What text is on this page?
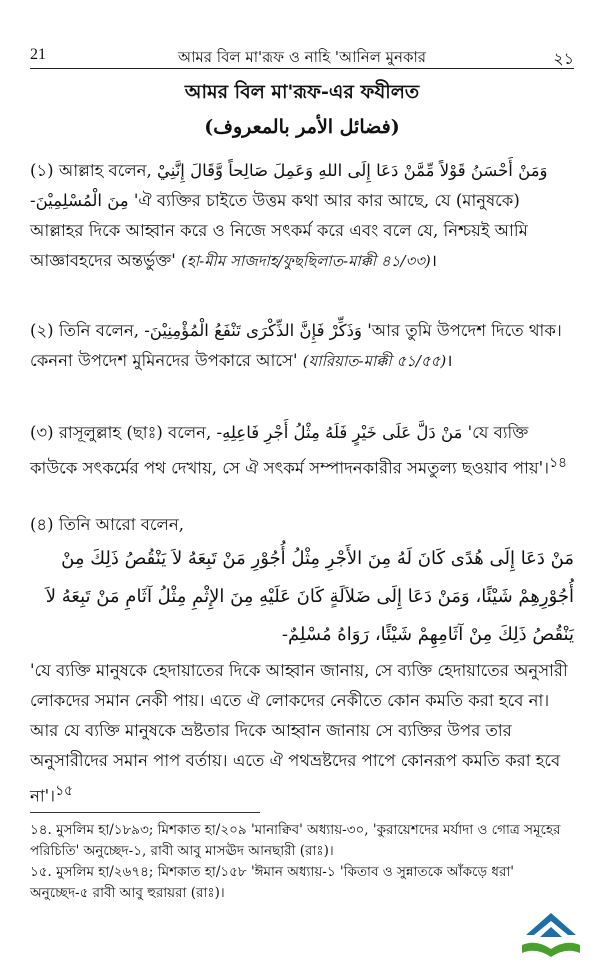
21	আমর বিল মা'রূফ ও নাহি 'আনিল মুনকার	২১
আমর বিল মা'রূফ-এর ফযীলত
(فضائل الأمر بالمعروف)
(১) আল্লাহ বলেন, وَمَنْ أَحْسَنُ قَوْلاً مِّمَّنْ دَعَا إِلَى اللهِ وَعَمِلَ صَالِحاً وَّقَالَ إِنَّنِيْ مِنَ الْمُسْلِمِيْنَ- 'ঐ ব্যক্তির চাইতে উত্তম কথা আর কার আছে, যে (মানুষকে) আল্লাহর দিকে আহ্বান করে ও নিজে সৎকর্ম করে এবং বলে যে, নিশ্চয়ই আমি আজ্ঞাবহদের অন্তর্ভুক্ত' (হা-মীম সাজদাহ/ফুছছিলাত-মাক্কী ৪১/৩৩)।
(২) তিনি বলেন, وَذَكِّرْ فَإِنَّ الذِّكْرَى تَنْفَعُ الْمُؤْمِنِيْنَ- 'আর তুমি উপদেশ দিতে থাক। কেননা উপদেশ মুমিনদের উপকারে আসে' (যারিয়াত-মাক্কী ৫১/৫৫)।
(৩) রাসূলুল্লাহ (ছাঃ) বলেন, مَنْ دَلَّ عَلَى خَيْرٍ فَلَهُ مِثْلُ أَجْرِ فَاعِلِهِ- 'যে ব্যক্তি কাউকে সৎকর্মের পথ দেখায়, সে ঐ সৎকর্ম সম্পাদনকারীর সমতুল্য ছওয়াব পায়'।$^{১৪}$
(৪) তিনি আরো বলেন,
مَنْ دَعَا إِلَى هُدًى كَانَ لَهُ مِنَ الأَجْرِ مِثْلُ أُجُوْرِ مَنْ تَبِعَهُ لاَ يَنْقُصُ ذَلِكَ مِنْ
أُجُوْرِهِمْ شَيْئًا، وَمَنْ دَعَا إِلَى ضَلاَلَةٍ كَانَ عَلَيْهِ مِنَ الإِثْمِ مِثْلُ آثَامِ مَنْ تَبِعَهُ لاَ
يَنْقُصُ ذَلِكَ مِنْ آثَامِهِمْ شَيْئًا، رَوَاهُ مُسْلِمٌ-
'যে ব্যক্তি মানুষকে হেদায়াতের দিকে আহ্বান জানায়, সে ব্যক্তি হেদায়াতের অনুসারী লোকদের সমান নেকী পায়। এতে ঐ লোকদের নেকীতে কোন কমতি করা হবে না। আর যে ব্যক্তি মানুষকে ভ্রষ্টতার দিকে আহ্বান জানায় সে ব্যক্তির উপর তার অনুসারীদের সমান পাপ বর্তায়। এতে ঐ পথভ্রষ্টদের পাপে কোনরূপ কমতি করা হবে না'।$^{১৫}$
১৪. মুসলিম হা/১৮৯৩; মিশকাত হা/২০৯ 'মানাক্বিব' অধ্যায়-৩০, 'কুরায়েশদের মর্যাদা ও গোত্র সমূহের পরিচিতি' অনুচ্ছেদ-১, রাবী আবু মাসঊদ আনছারী (রাঃ)।
১৫. মুসলিম হা/২৬৭৪; মিশকাত হা/১৫৮ 'ঈমান অধ্যায়-১ 'কিতাব ও সুন্নাতকে আঁকড়ে ধরা' অনুচ্ছেদ-৫ রাবী আবু হুরায়রা (রাঃ)।
